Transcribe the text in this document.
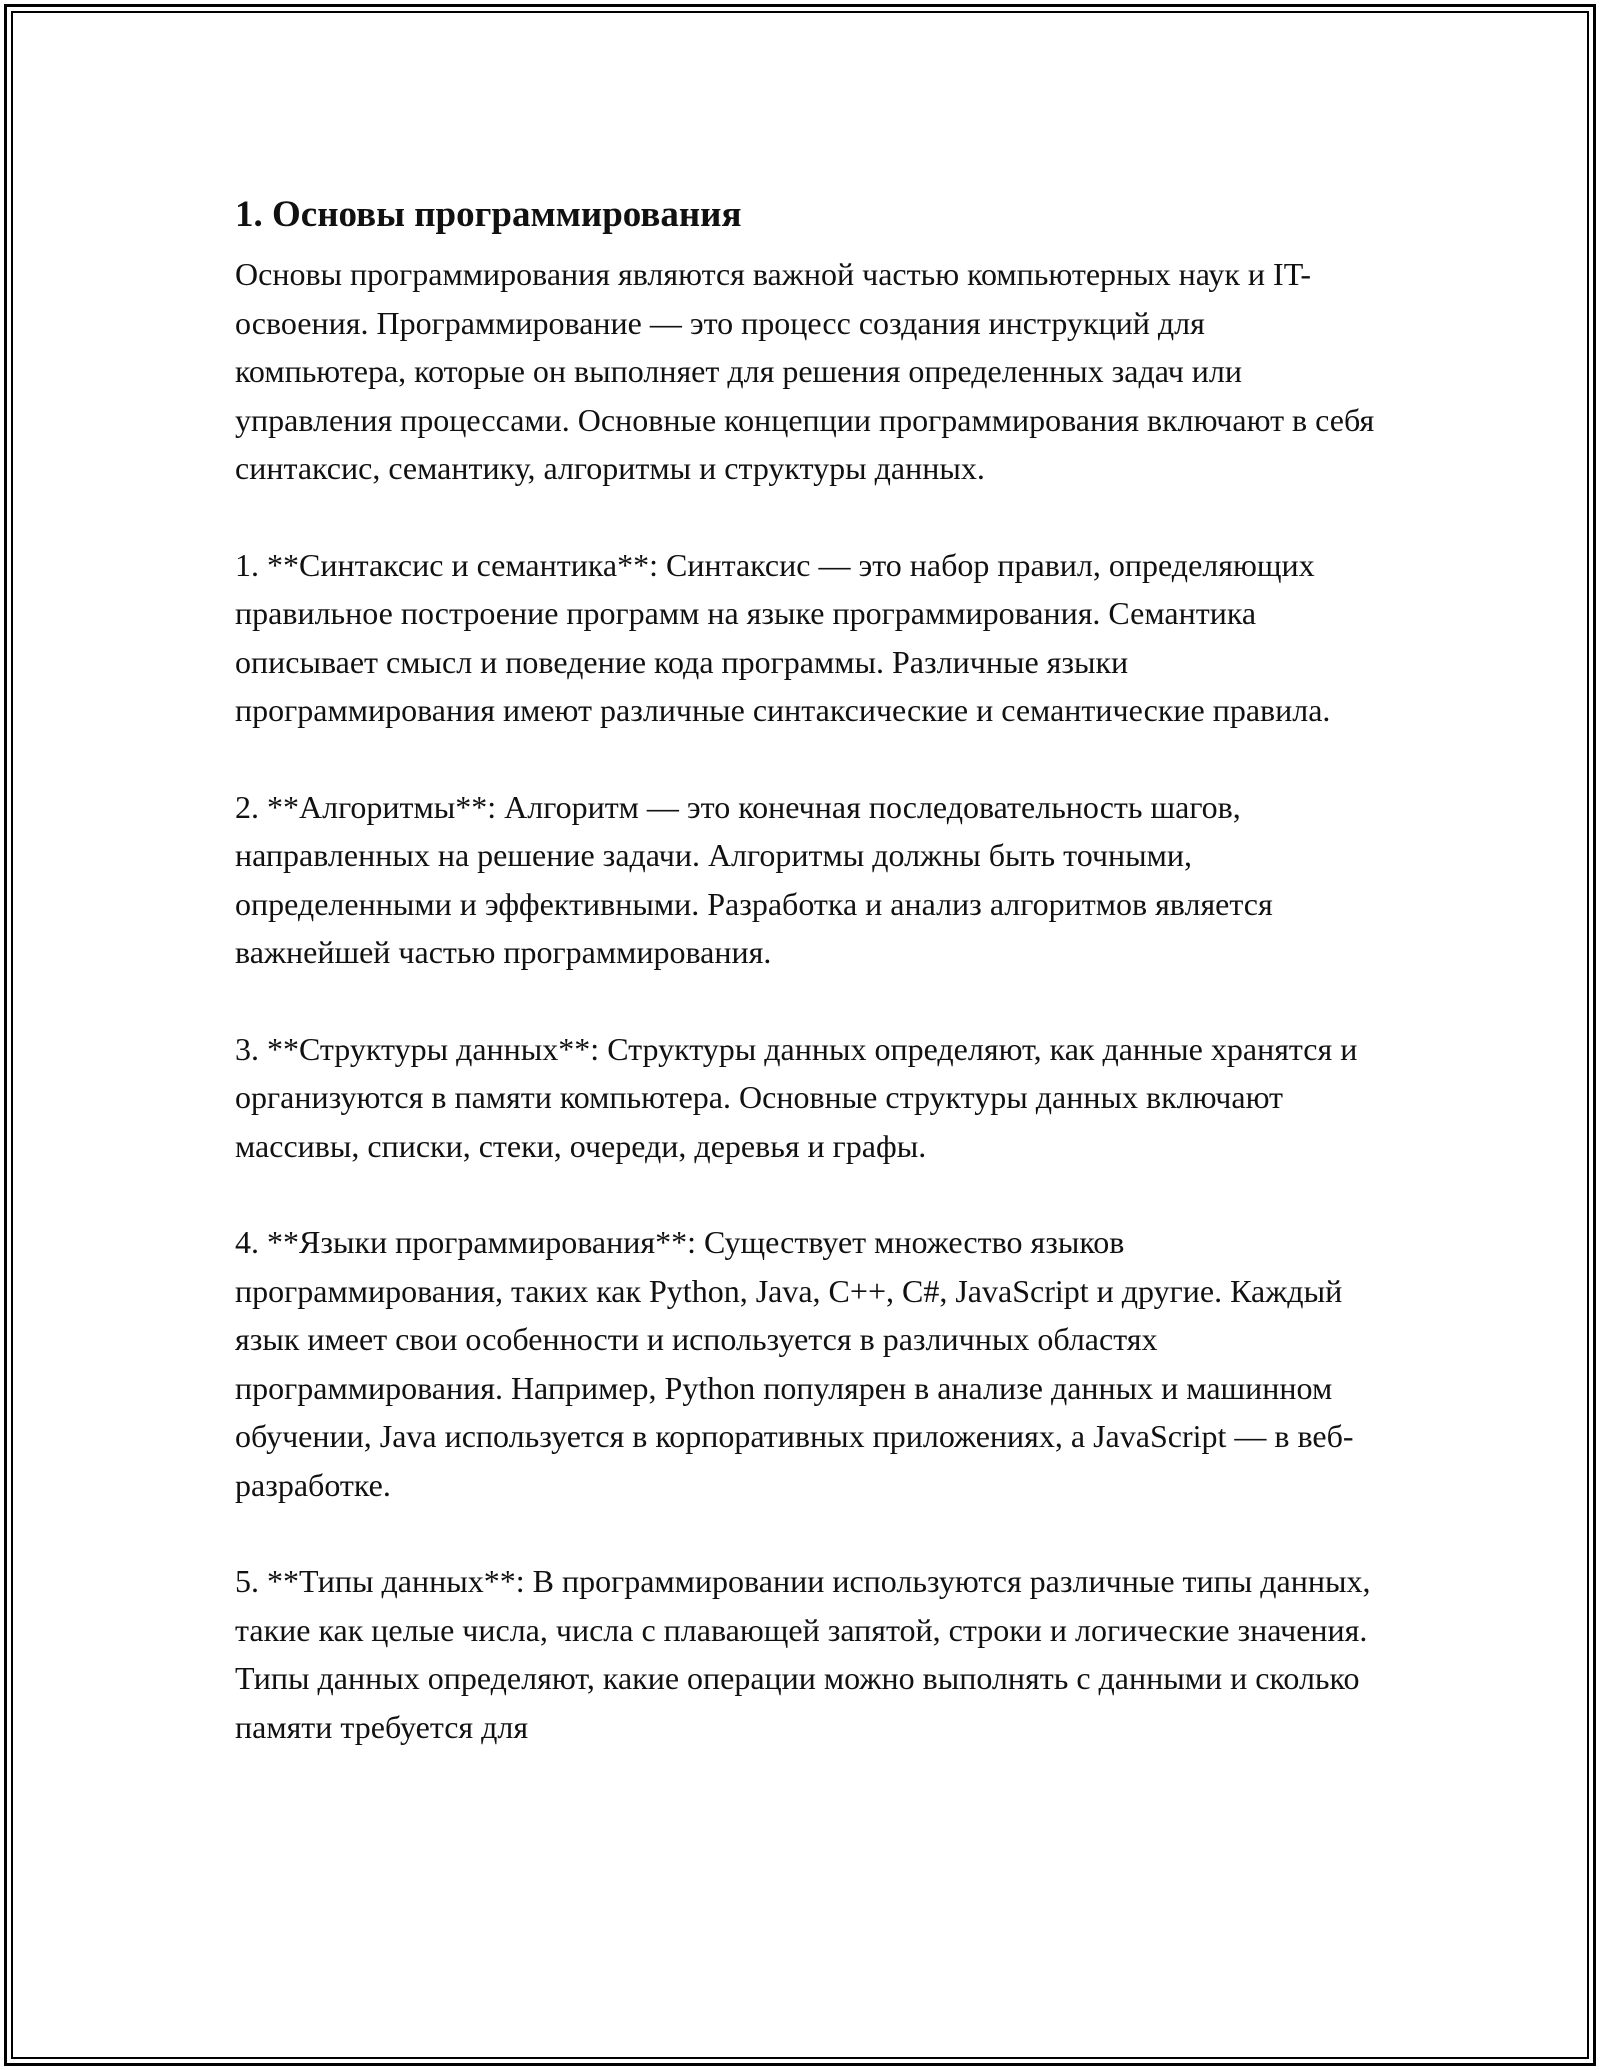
1. Основы программирования

Основы программирования являются важной частью компьютерных наук и IT-освоения. Программирование — это процесс создания инструкций для компьютера, которые он выполняет для решения определенных задач или управления процессами. Основные концепции программирования включают в себя синтаксис, семантику, алгоритмы и структуры данных.

1. **Синтаксис и семантика**: Синтаксис — это набор правил, определяющих правильное построение программ на языке программирования. Семантика описывает смысл и поведение кода программы. Различные языки программирования имеют различные синтаксические и семантические правила.

2. **Алгоритмы**: Алгоритм — это конечная последовательность шагов, направленных на решение задачи. Алгоритмы должны быть точными, определенными и эффективными. Разработка и анализ алгоритмов является важнейшей частью программирования.

3. **Структуры данных**: Структуры данных определяют, как данные хранятся и организуются в памяти компьютера. Основные структуры данных включают массивы, списки, стеки, очереди, деревья и графы.

4. **Языки программирования**: Существует множество языков программирования, таких как Python, Java, C++, C#, JavaScript и другие. Каждый язык имеет свои особенности и используется в различных областях программирования. Например, Python популярен в анализе данных и машинном обучении, Java используется в корпоративных приложениях, а JavaScript — в веб-разработке.

5. **Типы данных**: В программировании используются различные типы данных, такие как целые числа, числа с плавающей запятой, строки и логические значения. Типы данных определяют, какие операции можно выполнять с данными и сколько памяти требуется для
